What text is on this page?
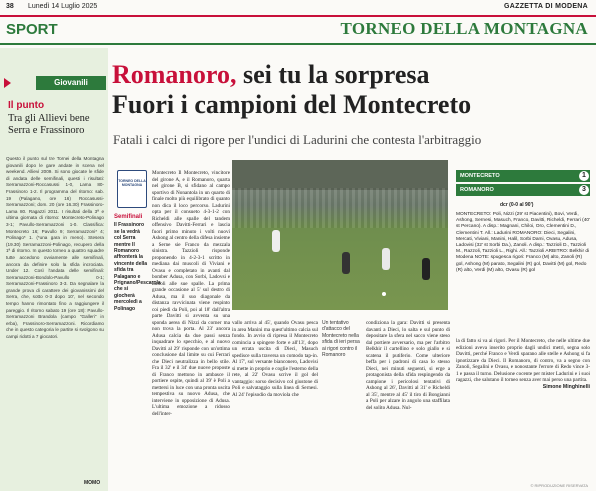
38 Lunedì 14 Luglio 2025	GAZZETTA DI MODENA
SPORT	TORNEO DELLA MONTAGNA
Giovanili
Il punto
Tra gli Allievi bene Serra e Frassinoro
Questo il punto sul tre Tornei della Montagna giovanili dopo le gare andate in scena nel weekend. Allievi 2009. Si sono giocate le sfide di andata delle semifinali, questi i risultati: Serramazzoni-Roccasussi 1-0, Lama 80-Frassinoro 1-2. Il programma del ritorno: sab. 19 (Palagano, ore 16) Roccasussi-Serramazzoni; dom. 20 (ore 16.30) Frassinoro-Lama 80. Ragazzi 2011. I risultati della 3ª e ultima giornata di ritorno: Montecreto-Polinago 3-1; Pavullo-Serramazzoni 1-0. Classifica: Montecreto 16; Pavullo 9; Serramazzoni* 4; Polinago* 1. (*una gara in meno). Stesera (19.30) Serramazzoni-Polinago, recupero della 1ª di ritorno. In questo torneo a quattro squadre tutte accedono ovviamente alle semifinali, ancora da definire solo la sfida incrociata. Under 12. Così l'andata delle semifinali: Serramazzoni-Bondolo-Pavullo 0-1; Serramazzoni-Frassinoro 3-3. Da segnalare la grande prova di carattere dei giovanissimi del Serra, che, sotto 0-3 dopo 10', nel secondo tempo hanno rimontato fino a raggiungere il pareggio. Il ritorno sabato 19 (ore 18): Pavullo-Serramazzoni Brandola (campo "Galleri" in erba), Frassinoro-Serramazzoni. Ricordiamo che in questo categoria le partite si svolgono su campi ridotti a 7 giocatori.
MOMO
Romanoro, sei tu la sorpresa
Fuori i campioni del Montecreto
Fatali i calci di rigore per l'undici di Ladurini che contesta l'arbitraggio
TORNEO DELLA MONTAGNA
Semifinali
Il Frassinoro se la vedrà col Serra mentre Il Romanoro affronterà la vincente della sfida tra Palagano e Prignano/Pescarola che si giocherà mercoledì a Polinago
Montecreto Il Montecreto, vincitore del girone A, e il Romanoro, quarta nel girone B, si sfidano al campo sportivo di Nonantola in un quarto di finale molto più equilibrato di quanto non dica il loco percorso. Ladurini opta per il consueto 4-3-1-2 con Richeldi alle spalle del tandem offensivo Davitti-Ferrari e lascia fuori primo minuto i volti nuovi Ashong al centro della difesa insieme a Serne sie Franco da mezzala sinistra. Tazzioli risponde proponendo in 4-2-3-1 scritto in mediana dai muscoli di Viviani e Ovasu e completato in avanti dal bomber Adusa, con Sorbi, Ladovsi e Zanoli alle sue spalle. La prima grande occasione al 5' sul destro di Adusa, ma il suo diagonale da distanza ravvicinata viene respinto coi piedi da Poli, poi al 18' dall'altra parte Davitti si avventa su una sponda aerea di Nizzi da corner ma non trova la porta. Al 23' ancora Adusa calcia da due passi senza inquadrare lo specchio, e al nuovo Davitti al 29' risponde con un'ottima conclusione dal limite su cui Ferrari che Dieci neutralizza in bello stile. Fra il 32' e il 34' due nuove proposte di Franco mettono in ambasce il portiere ospite, quindi al 39' è Poli a mettersi in luce con una pronta uscita tempestiva su nuovo Adusa, che interviene in opposizione di Adusa. L'ultima emozione a ridosso dell'inter-
vallo arriva al 45', quando Ovasu pesca in area Manini ma quest'ultimo calcia sul fondo. In avvio di ripresa il Montecreto comincia a spingere forte e all'13', dopo un errata uscita di Dieci, Masuch spedisce sulla traversa un comodo tap-in. Al 17', sul versante bianconero, Ladovisi si mette in proprio e coglie l'esterno della rete, al 22' Ovasu scrive il gol del vantaggio: sorso decisivo col giustone di Poli e salvataggio sulla linea di Sernesi. Al 24' l'episodio da moviola che
Un tentativo d'attacco del Montecreto nella sfida di ieri persa ai rigori contro il Romanoro
condiziona la gara: Davitti si presenta davanti a Dieci, lo salta e sul punto di depositare la sfera nel sacco viene steso dal portiere avversario, ma per l'arbitro Belkhir il cartellino e solo giallo e si scatena il putiferio. Come ulteriore beffa per i padroni di casa lo stesso Dieci, nei minuti seguenti, si erge a protagonista della sfida respingendo da campione i pericolosi tentativi di Ashong al 26', Davitti al 31' e Richeldi al 35', mentre al 45' il tiro di Bongianni a Poli per alzare in angolo una staffilata del solito Adusa. Nul-
MONTECRETO	1
ROMANORO	3
dcr (0-0 al 90')
MONTECRETO: Poli, Nizzi (29' st Piacentini), Bovi, Verdi, Ashong, Sernesi, Masuch, Franco, Davitti, Richeldi, Ferrari (40' st Percano). A disp.: Magnani, Chiloi, Oro, Clementini D., Clementini T. All.: Ladurini ROMANORO: Dieci, Segalini, Mercati, Viviani, Manini, Halil, Sorbi Dami, Ovasu, Adusa, Ladovisi (32' st Sorbi Da.), Zanoli. A disp.: Tazzioli D., Tazzioli M., Razzoli, Tazzioli L., Righi. All.: Tazzioli ARBITRO: Belkhir di Modena NOTE: spugesca rigori: Franco (M) alto, Zanoli (R) gol, Ashong (M) parato, Segalini (R) gol, Davitti (M) gol, Redo (R) alto, Verdi (M) alto, Ovasu (R) gol
la di fatto si va ai rigori. Per il Montecreto, che nelle ultime due edizioni aveva inserito proprio dagli undici metri, segna solo Davitti, perché Franco e Verdi sparano alle stelle e Ashong si fa ipnotizzare da Dieci. Il Romanoro, di contro, va a segno con Zanoli, Segalini e Ovasu, e nonostante l'errore di Redo vince 3-1 e passa il turno. Delusione cocente per mister Ladurini e i suoi ragazzi, che salutano il torneo senza aver mai perso una partita.
Simone Minghinelli
© RIPRODUZIONE RISERVATA
